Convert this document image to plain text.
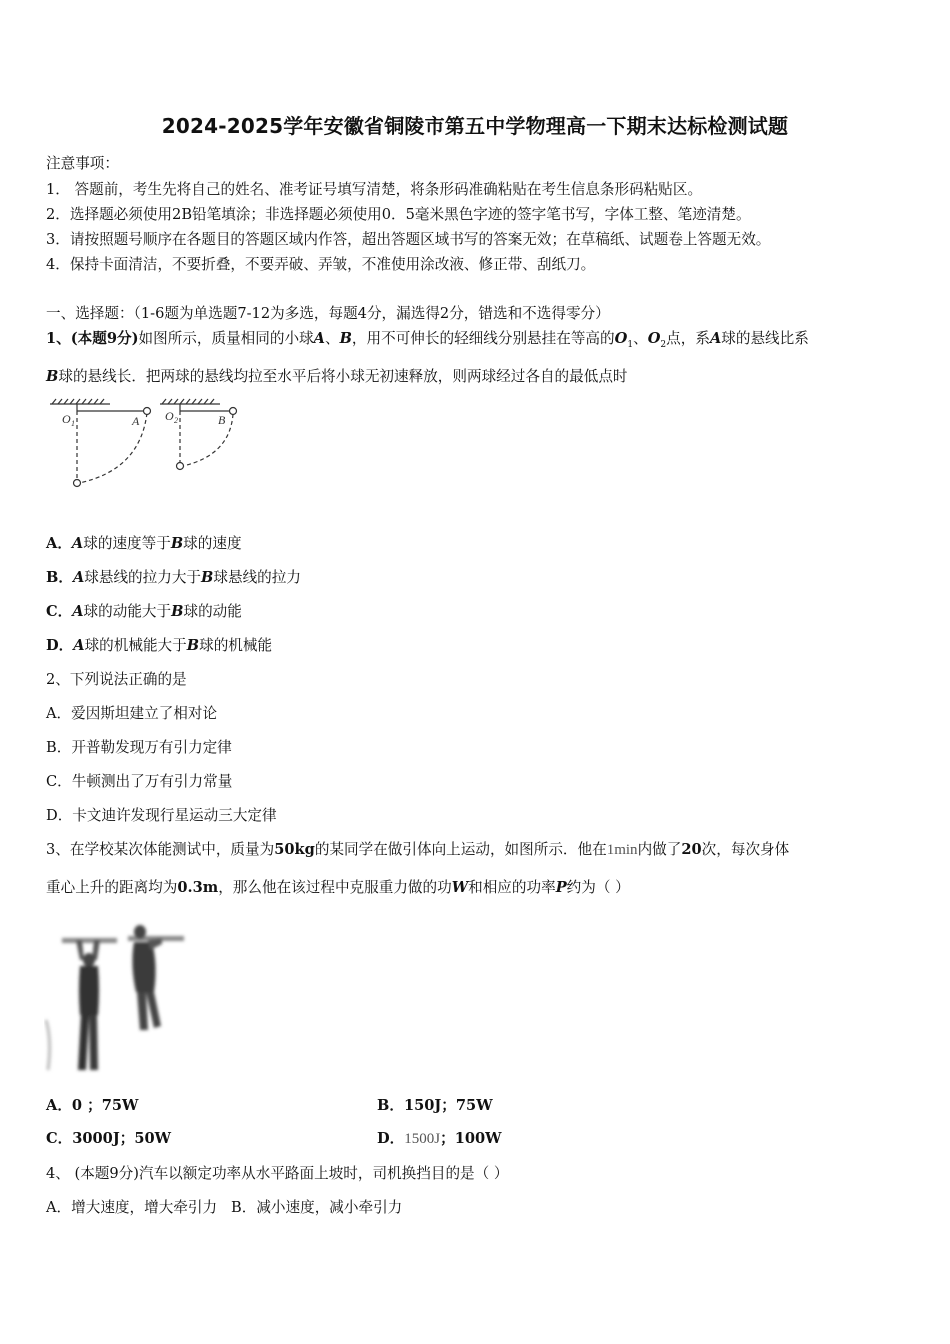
2024-2025学年安徽省铜陵市第五中学物理高一下期末达标检测试题
注意事项：
1． 答题前，考生先将自己的姓名、准考证号填写清楚，将条形码准确粘贴在考生信息条形码粘贴区。
2．选择题必须使用2B铅笔填涂；非选择题必须使用0．5毫米黑色字迹的签字笔书写，字体工整、笔迹清楚。
3．请按照题号顺序在各题目的答题区域内作答，超出答题区域书写的答案无效；在草稿纸、试题卷上答题无效。
4．保持卡面清洁，不要折叠，不要弄破、弄皱，不准使用涂改液、修正带、刮纸刀。
一、选择题：（1-6题为单选题7-12为多选，每题4分，漏选得2分，错选和不选得零分）
1、(本题9分)如图所示，质量相同的小球A、B，用不可伸长的轻细线分别悬挂在等高的$O_1$、$O_2$点，系A球的悬线比系
B球的悬线长．把两球的悬线均拉至水平后将小球无初速释放，则两球经过各自的最低点时
O 1	A O 2	B
A．A球的速度等于B球的速度
B．A球悬线的拉力大于B球悬线的拉力
C．A球的动能大于B球的动能
D．A球的机械能大于B球的机械能
2、下列说法正确的是
A．爱因斯坦建立了相对论
B．开普勒发现万有引力定律
C．牛顿测出了万有引力常量
D．卡文迪许发现行星运动三大定律
3、在学校某次体能测试中，质量为50kg的某同学在做引体向上运动，如图所示．他在1min内做了20次，每次身体
重心上升的距离均为0.3m，那么他在该过程中克服重力做的功W和相应的功率P约为（ ）
A．0 ；75W	B．150J；75W
C．3000J；50W	D．1500J；100W
4、 (本题9分)汽车以额定功率从水平路面上坡时，司机换挡目的是（ ）
A．增大速度，增大牵引力 B．减小速度，减小牵引力
